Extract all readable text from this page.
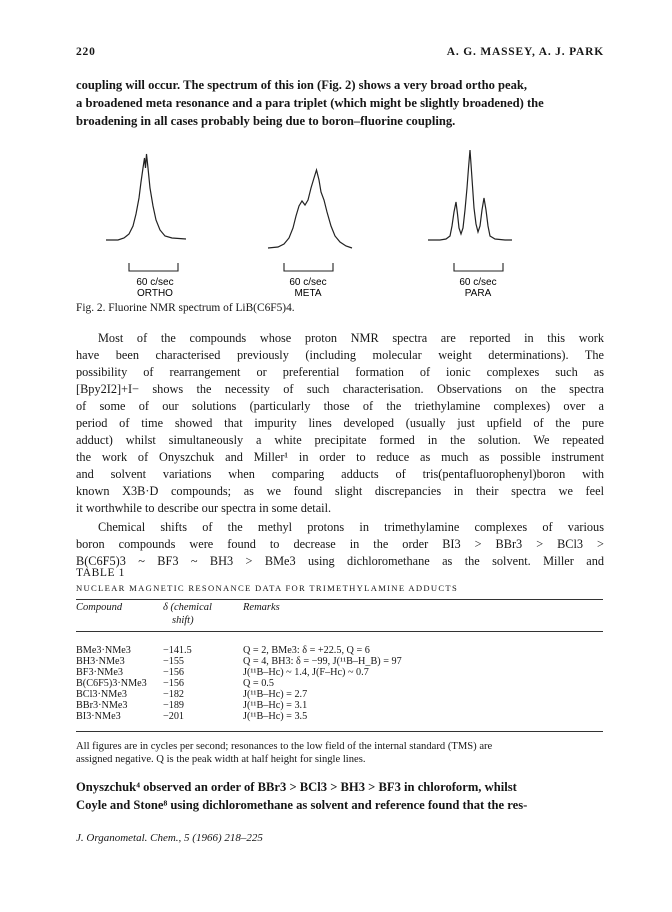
220	A. G. MASSEY, A. J. PARK
coupling will occur. The spectrum of this ion (Fig. 2) shows a very broad ortho peak,
a broadened meta resonance and a para triplet (which might be slightly broadened) the
broadening in all cases probably being due to boron–fluorine coupling.
60 c/sec
ORTHO
60 c/sec
META
60 c/sec
PARA
Fig. 2. Fluorine NMR spectrum of LiB(C6F5)4.
Most of the compounds whose proton NMR spectra are reported in this work
have been characterised previously (including molecular weight determinations). The
possibility of rearrangement or preferential formation of ionic complexes such as
[Bpy2I2]+I− shows the necessity of such characterisation. Observations on the spectra
of some of our solutions (particularly those of the triethylamine complexes) over a
period of time showed that impurity lines developed (usually just upfield of the pure
adduct) whilst simultaneously a white precipitate formed in the solution. We repeated
the work of Onyszchuk and Miller¹ in order to reduce as much as possible instrument
and solvent variations when comparing adducts of tris(pentafluorophenyl)boron with
known X3B·D compounds; as we found slight discrepancies in their spectra we feel
it worthwhile to describe our spectra in some detail.
Chemical shifts of the methyl protons in trimethylamine complexes of various
boron compounds were found to decrease in the order BI3 > BBr3 > BCl3 >
B(C6F5)3 ~ BF3 ~ BH3 > BMe3 using dichloromethane as the solvent. Miller and
TABLE 1
NUCLEAR MAGNETIC RESONANCE DATA FOR TRIMETHYLAMINE ADDUCTS
Compound	δ (chemical
shift)
Remarks
BMe3·NMe3	−141.5	Q = 2, BMe3: δ = +22.5, Q = 6
BH3·NMe3	−155	Q = 4, BH3: δ = −99, J(¹¹B–H_B) = 97
BF3·NMe3	−156	J(¹¹B–Hc) ~ 1.4, J(F–Hc) ~ 0.7
B(C6F5)3·NMe3 −156	Q = 0.5
BCl3·NMe3	−182	J(¹¹B–Hc) = 2.7
BBr3·NMe3	−189	J(¹¹B–Hc) = 3.1
BI3·NMe3	−201	J(¹¹B–Hc) = 3.5
All figures are in cycles per second; resonances to the low field of the internal standard (TMS) are
assigned negative. Q is the peak width at half height for single lines.
Onyszchuk⁴ observed an order of BBr3 > BCl3 > BH3 > BF3 in chloroform, whilst
Coyle and Stone⁸ using dichloromethane as solvent and reference found that the res-
J. Organometal. Chem., 5 (1966) 218–225
